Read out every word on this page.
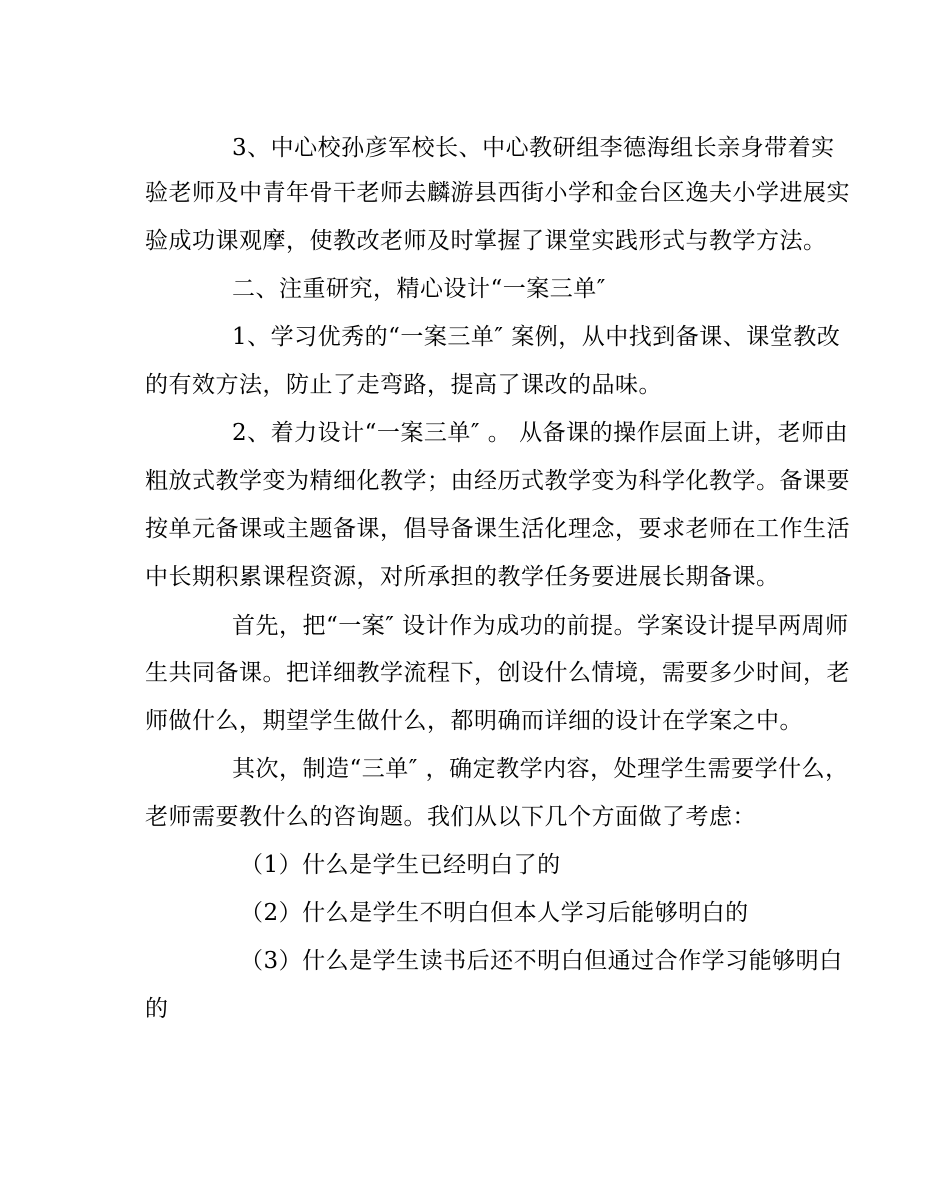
3、中心校孙彦军校长、中心教研组李德海组长亲身带着实
验老师及中青年骨干老师去麟游县西街小学和金台区逸夫小学进展实
验成功课观摩，使教改老师及时掌握了课堂实践形式与教学方法。
二、注重研究，精心设计“一案三单″
1、学习优秀的“一案三单″ 案例，从中找到备课、课堂教改
的有效方法，防止了走弯路，提高了课改的品味。
2、着力设计“一案三单″ 。 从备课的操作层面上讲，老师由
粗放式教学变为精细化教学；由经历式教学变为科学化教学。备课要
按单元备课或主题备课，倡导备课生活化理念，要求老师在工作生活
中长期积累课程资源，对所承担的教学任务要进展长期备课。
首先，把“一案″ 设计作为成功的前提。学案设计提早两周师
生共同备课。把详细教学流程下，创设什么情境，需要多少时间，老
师做什么，期望学生做什么，都明确而详细的设计在学案之中。
其次，制造“三单″ ，确定教学内容，处理学生需要学什么，
老师需要教什么的咨询题。我们从以下几个方面做了考虑：
（1）什么是学生已经明白了的
（2）什么是学生不明白但本人学习后能够明白的
（3）什么是学生读书后还不明白但通过合作学习能够明白
的
